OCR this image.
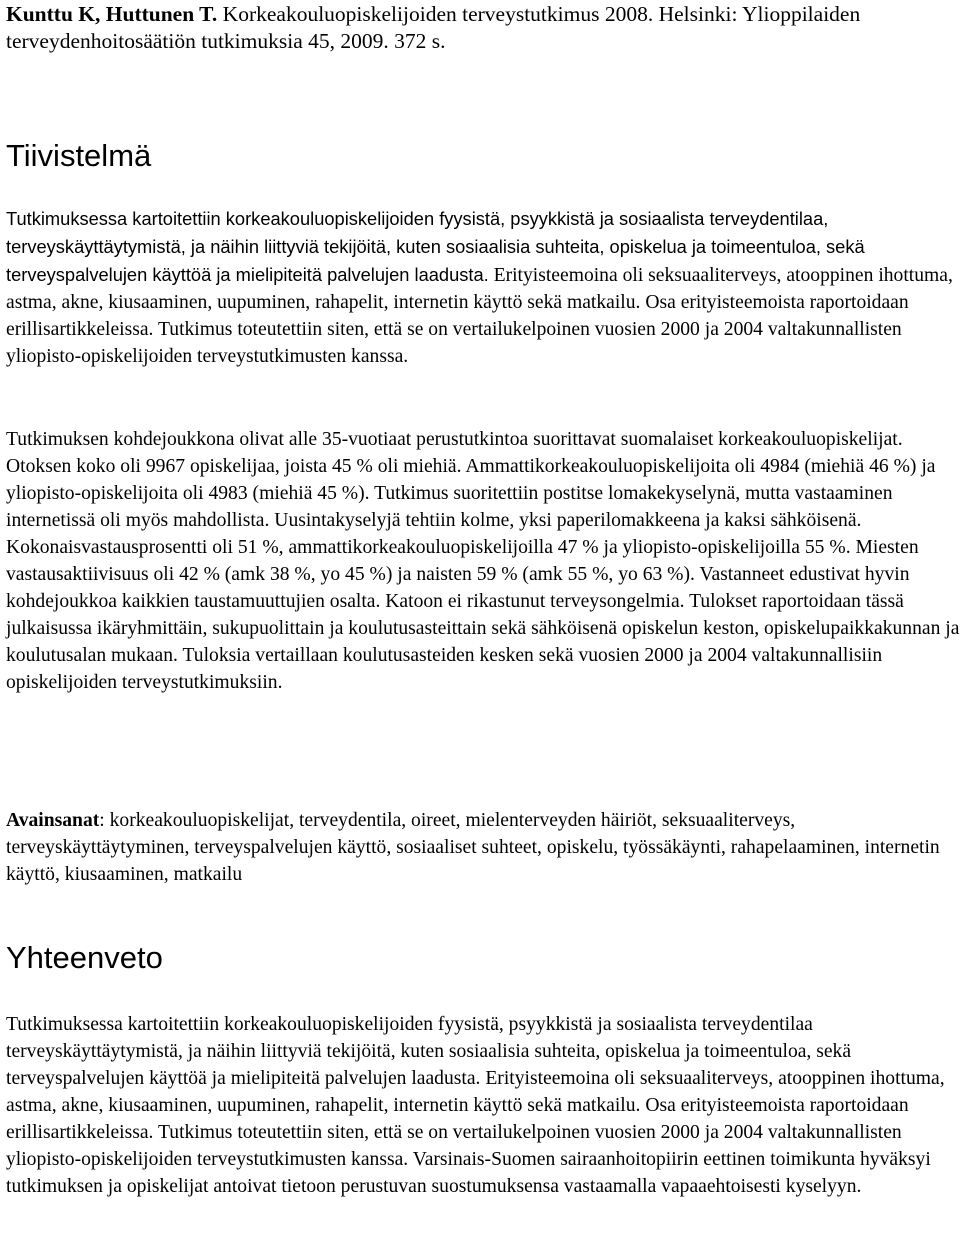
Kunttu K, Huttunen T. Korkeakouluopiskelijoiden terveystutkimus 2008. Helsinki: Ylioppilaiden terveydenhoitosäätiön tutkimuksia 45, 2009. 372 s.

Tiivistelmä

Tutkimuksessa kartoitettiin korkeakouluopiskelijoiden fyysistä, psyykkistä ja sosiaalista terveydentilaa, terveyskäyttäytymistä, ja näihin liittyviä tekijöitä, kuten sosiaalisia suhteita, opiskelua ja toimeentuloa, sekä terveyspalvelujen käyttöä ja mielipiteitä palvelujen laadusta. Erityisteemoina oli seksuaaliterveys, atooppinen ihottuma, astma, akne, kiusaaminen, uupuminen, rahapelit, internetin käyttö sekä matkailu. Osa erityisteemoista raportoidaan erillisartikkeleissa. Tutkimus toteutettiin siten, että se on vertailukelpoinen vuosien 2000 ja 2004 valtakunnallisten yliopisto-opiskelijoiden terveystutkimusten kanssa.

Tutkimuksen kohdejoukkona olivat alle 35-vuotiaat perustutkintoa suorittavat suomalaiset korkeakouluopiskelijat. Otoksen koko oli 9967 opiskelijaa, joista 45 % oli miehiä. Ammattikorkeakouluopiskelijoita oli 4984 (miehiä 46 %) ja yliopisto-opiskelijoita oli 4983 (miehiä 45 %). Tutkimus suoritettiin postitse lomakekyselynä, mutta vastaaminen internetissä oli myös mahdollista. Uusintakyselyjä tehtiin kolme, yksi paperilomakkeena ja kaksi sähköisenä. Kokonaisvastausprosentti oli 51 %, ammattikorkeakouluopiskelijoilla 47 % ja yliopisto-opiskelijoilla 55 %. Miesten vastausaktiivisuus oli 42 % (amk 38 %, yo 45 %) ja naisten 59 % (amk 55 %, yo 63 %). Vastanneet edustivat hyvin kohdejoukkoa kaikkien taustamuuttujien osalta. Katoon ei rikastunut terveysongelmia. Tulokset raportoidaan tässä julkaisussa ikäryhmittäin, sukupuolittain ja koulutusasteittain sekä sähköisenä opiskelun keston, opiskelupaikkakunnan ja koulutusalan mukaan. Tuloksia vertaillaan koulutusasteiden kesken sekä vuosien 2000 ja 2004 valtakunnallisiin opiskelijoiden terveystutkimuksiin.

Avainsanat: korkeakouluopiskelijat, terveydentila, oireet, mielenterveyden häiriöt, seksuaaliterveys, terveyskäyttäytyminen, terveyspalvelujen käyttö, sosiaaliset suhteet, opiskelu, työssäkäynti, rahapelaaminen, internetin käyttö, kiusaaminen, matkailu

Yhteenveto

Tutkimuksessa kartoitettiin korkeakouluopiskelijoiden fyysistä, psyykkistä ja sosiaalista terveydentilaa terveyskäyttäytymistä, ja näihin liittyviä tekijöitä, kuten sosiaalisia suhteita, opiskelua ja toimeentuloa, sekä terveyspalvelujen käyttöä ja mielipiteitä palvelujen laadusta. Erityisteemoina oli seksuaaliterveys, atooppinen ihottuma, astma, akne, kiusaaminen, uupuminen, rahapelit, internetin käyttö sekä matkailu. Osa erityisteemoista raportoidaan erillisartikkeleissa. Tutkimus toteutettiin siten, että se on vertailukelpoinen vuosien 2000 ja 2004 valtakunnallisten yliopisto-opiskelijoiden terveystutkimusten kanssa. Varsinais-Suomen sairaanhoitopiirin eettinen toimikunta hyväksyi tutkimuksen ja opiskelijat antoivat tietoon perustuvan suostumuksensa vastaamalla vapaaehtoisesti kyselyyn.
